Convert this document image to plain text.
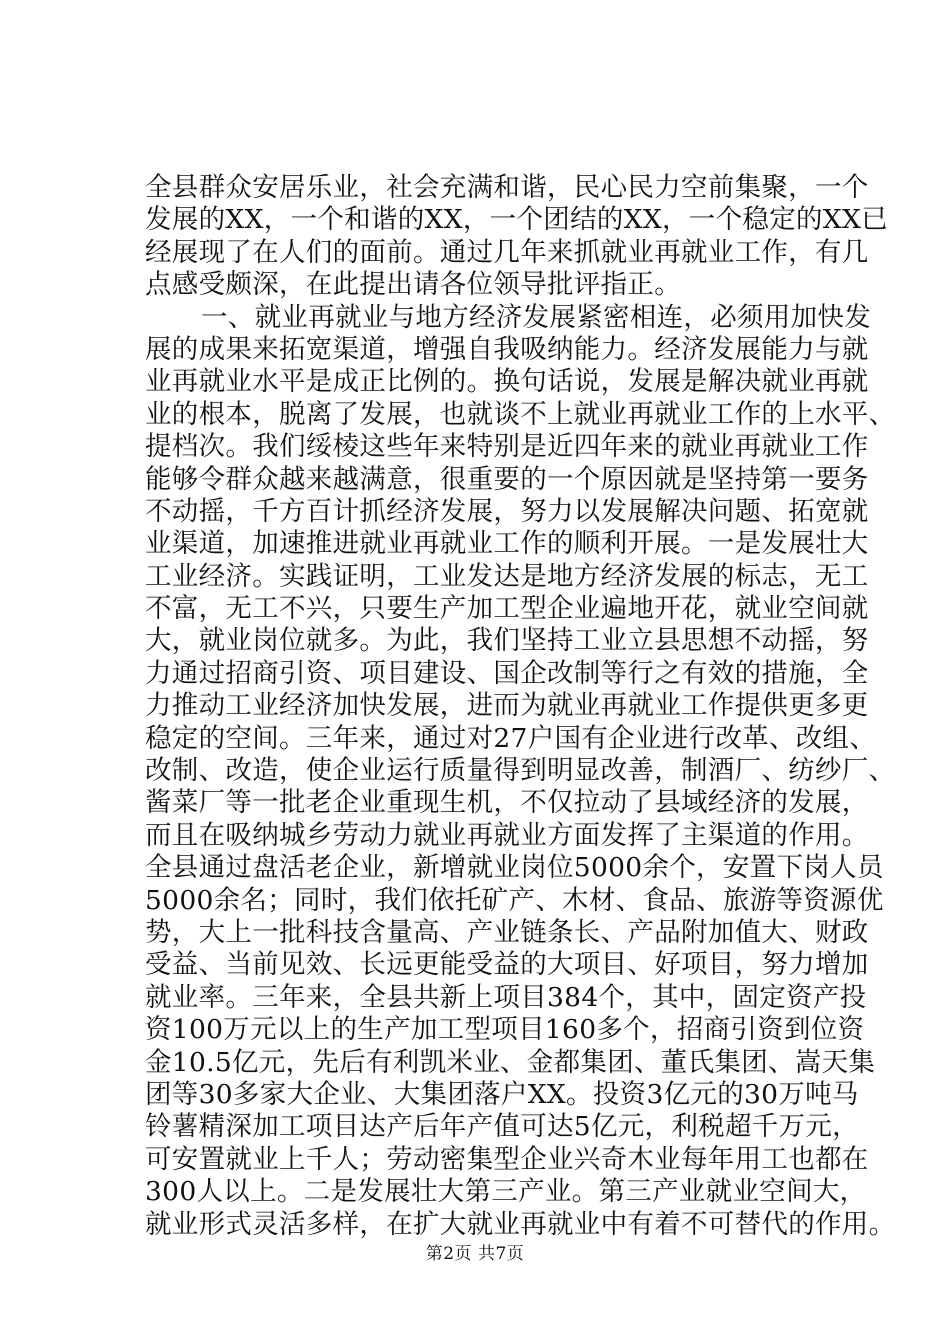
全县群众安居乐业，社会充满和谐，民心民力空前集聚，一个
发展的XX，一个和谐的XX，一个团结的XX，一个稳定的XX已
经展现了在人们的面前。通过几年来抓就业再就业工作，有几
点感受颇深，在此提出请各位领导批评指正。
一、就业再就业与地方经济发展紧密相连，必须用加快发
展的成果来拓宽渠道，增强自我吸纳能力。经济发展能力与就
业再就业水平是成正比例的。换句话说，发展是解决就业再就
业的根本，脱离了发展，也就谈不上就业再就业工作的上水平、
提档次。我们绥棱这些年来特别是近四年来的就业再就业工作
能够令群众越来越满意，很重要的一个原因就是坚持第一要务
不动摇，千方百计抓经济发展，努力以发展解决问题、拓宽就
业渠道，加速推进就业再就业工作的顺利开展。一是发展壮大
工业经济。实践证明，工业发达是地方经济发展的标志，无工
不富，无工不兴，只要生产加工型企业遍地开花，就业空间就
大，就业岗位就多。为此，我们坚持工业立县思想不动摇，努
力通过招商引资、项目建设、国企改制等行之有效的措施，全
力推动工业经济加快发展，进而为就业再就业工作提供更多更
稳定的空间。三年来，通过对27户国有企业进行改革、改组、
改制、改造，使企业运行质量得到明显改善，制酒厂、纺纱厂、
酱菜厂等一批老企业重现生机，不仅拉动了县域经济的发展，
而且在吸纳城乡劳动力就业再就业方面发挥了主渠道的作用。
全县通过盘活老企业，新增就业岗位5000余个，安置下岗人员
5000余名；同时，我们依托矿产、木材、食品、旅游等资源优
势，大上一批科技含量高、产业链条长、产品附加值大、财政
受益、当前见效、长远更能受益的大项目、好项目，努力增加
就业率。三年来，全县共新上项目384个，其中，固定资产投
资100万元以上的生产加工型项目160多个，招商引资到位资
金10.5亿元，先后有利凯米业、金都集团、董氏集团、嵩天集
团等30多家大企业、大集团落户XX。投资3亿元的30万吨马
铃薯精深加工项目达产后年产值可达5亿元，利税超千万元，
可安置就业上千人；劳动密集型企业兴奇木业每年用工也都在
300人以上。二是发展壮大第三产业。第三产业就业空间大，
就业形式灵活多样，在扩大就业再就业中有着不可替代的作用。
第2页 共7页
